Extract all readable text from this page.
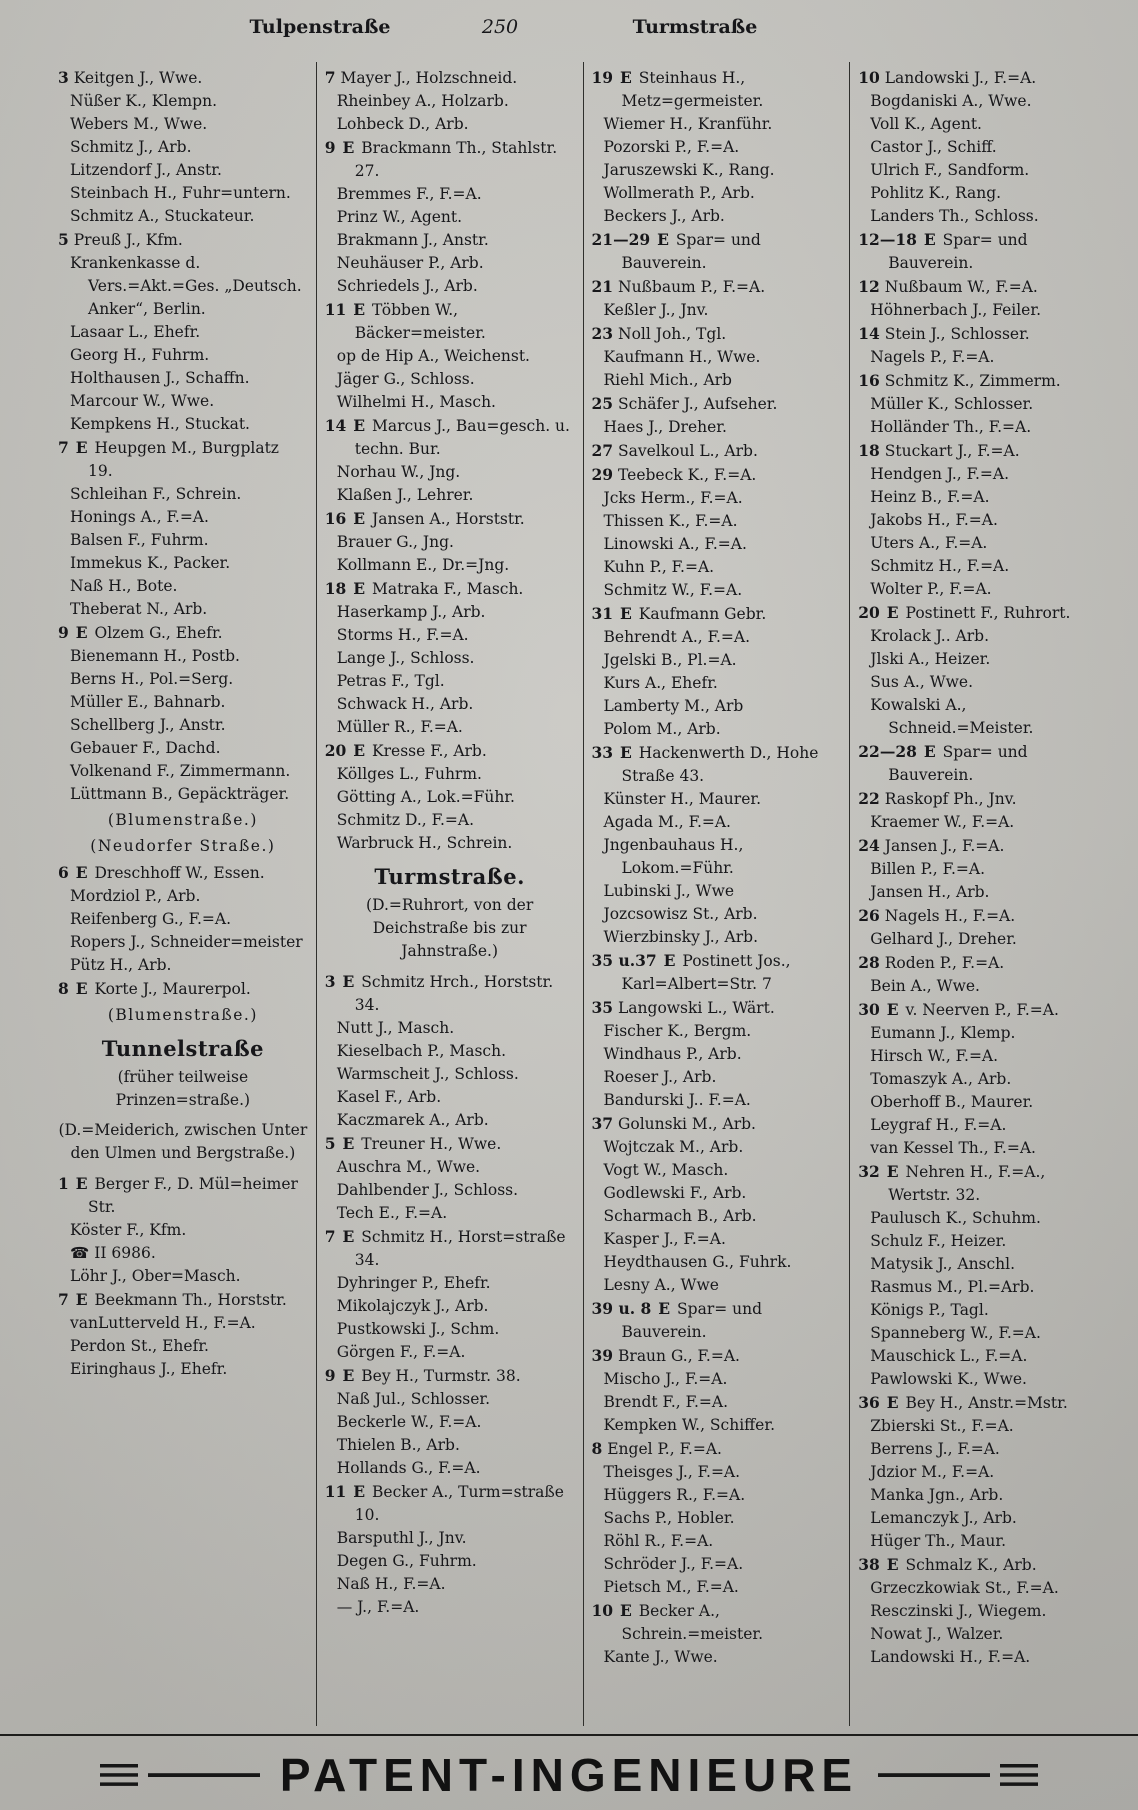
Tulpenstraße	250	Turmstraße
3 Keitgen J., Wwe.
Nüßer K., Klempn.
Webers M., Wwe.
Schmitz J., Arb.
Litzendorf J., Anstr.
Steinbach H., Fuhr=untern.
Schmitz A., Stuckateur.
5 Preuß J., Kfm.
Krankenkasse d. Vers.=Akt.=Ges. „Deutsch. Anker“, Berlin.
Lasaar L., Ehefr.
Georg H., Fuhrm.
Holthausen J., Schaffn.
Marcour W., Wwe.
Kempkens H., Stuckat.
7 E Heupgen M., Burgplatz 19.
Schleihan F., Schrein.
Honings A., F.=A.
Balsen F., Fuhrm.
Immekus K., Packer.
Naß H., Bote.
Theberat N., Arb.
9 E Olzem G., Ehefr.
Bienemann H., Postb.
Berns H., Pol.=Serg.
Müller E., Bahnarb.
Schellberg J., Anstr.
Gebauer F., Dachd.
Volkenand F., Zimmermann.
Lüttmann B., Gepäckträger.
(Blumenstraße.)
(Neudorfer Straße.)
6 E Dreschhoff W., Essen.
Mordziol P., Arb.
Reifenberg G., F.=A.
Ropers J., Schneider=meister
Pütz H., Arb.
8 E Korte J., Maurerpol.
(Blumenstraße.)
Tunnelstraße
(früher teilweise Prinzen=straße.)
(D.=Meiderich, zwischen Unter den Ulmen und Bergstraße.)
1 E Berger F., D. Mül=heimer Str.
Köster F., Kfm.
☎ II 6986.
Löhr J., Ober=Masch.
7 E Beekmann Th., Horststr.
vanLutterveld H., F.=A.
Perdon St., Ehefr.
Eiringhaus J., Ehefr.
7 Mayer J., Holzschneid.
Rheinbey A., Holzarb.
Lohbeck D., Arb.
9 E Brackmann Th., Stahlstr. 27.
Bremmes F., F.=A.
Prinz W., Agent.
Brakmann J., Anstr.
Neuhäuser P., Arb.
Schriedels J., Arb.
11 E Többen W., Bäcker=meister.
op de Hip A., Weichenst.
Jäger G., Schloss.
Wilhelmi H., Masch.
14 E Marcus J., Bau=gesch. u. techn. Bur.
Norhau W., Jng.
Klaßen J., Lehrer.
16 E Jansen A., Horststr.
Brauer G., Jng.
Kollmann E., Dr.=Jng.
18 E Matraka F., Masch.
Haserkamp J., Arb.
Storms H., F.=A.
Lange J., Schloss.
Petras F., Tgl.
Schwack H., Arb.
Müller R., F.=A.
20 E Kresse F., Arb.
Köllges L., Fuhrm.
Götting A., Lok.=Führ.
Schmitz D., F.=A.
Warbruck H., Schrein.
Turmstraße.
(D.=Ruhrort, von der Deichstraße bis zur Jahnstraße.)
3 E Schmitz Hrch., Horststr. 34.
Nutt J., Masch.
Kieselbach P., Masch.
Warmscheit J., Schloss.
Kasel F., Arb.
Kaczmarek A., Arb.
5 E Treuner H., Wwe.
Auschra M., Wwe.
Dahlbender J., Schloss.
Tech E., F.=A.
7 E Schmitz H., Horst=straße 34.
Dyhringer P., Ehefr.
Mikolajczyk J., Arb.
Pustkowski J., Schm.
Görgen F., F.=A.
9 E Bey H., Turmstr. 38.
Naß Jul., Schlosser.
Beckerle W., F.=A.
Thielen B., Arb.
Hollands G., F.=A.
11 E Becker A., Turm=straße 10.
Barsputhl J., Jnv.
Degen G., Fuhrm.
Naß H., F.=A.
— J., F.=A.
19 E Steinhaus H., Metz=germeister.
Wiemer H., Kranführ.
Pozorski P., F.=A.
Jaruszewski K., Rang.
Wollmerath P., Arb.
Beckers J., Arb.
21—29 E Spar= und Bauverein.
21 Nußbaum P., F.=A.
Keßler J., Jnv.
23 Noll Joh., Tgl.
Kaufmann H., Wwe.
Riehl Mich., Arb
25 Schäfer J., Aufseher.
Haes J., Dreher.
27 Savelkoul L., Arb.
29 Teebeck K., F.=A.
Jcks Herm., F.=A.
Thissen K., F.=A.
Linowski A., F.=A.
Kuhn P., F.=A.
Schmitz W., F.=A.
31 E Kaufmann Gebr.
Behrendt A., F.=A.
Jgelski B., Pl.=A.
Kurs A., Ehefr.
Lamberty M., Arb
Polom M., Arb.
33 E Hackenwerth D., Hohe Straße 43.
Künster H., Maurer.
Agada M., F.=A.
Jngenbauhaus H., Lokom.=Führ.
Lubinski J., Wwe
Jozcsowisz St., Arb.
Wierzbinsky J., Arb.
35 u.37 E Postinett Jos., Karl=Albert=Str. 7
35 Langowski L., Wärt.
Fischer K., Bergm.
Windhaus P., Arb.
Roeser J., Arb.
Bandurski J.. F.=A.
37 Golunski M., Arb.
Wojtczak M., Arb.
Vogt W., Masch.
Godlewski F., Arb.
Scharmach B., Arb.
Kasper J., F.=A.
Heydthausen G., Fuhrk.
Lesny A., Wwe
39 u. 8 E Spar= und Bauverein.
39 Braun G., F.=A.
Mischo J., F.=A.
Brendt F., F.=A.
Kempken W., Schiffer.
8 Engel P., F.=A.
Theisges J., F.=A.
Hüggers R., F.=A.
Sachs P., Hobler.
Röhl R., F.=A.
Schröder J., F.=A.
Pietsch M., F.=A.
10 E Becker A., Schrein.=meister.
Kante J., Wwe.
10 Landowski J., F.=A.
Bogdaniski A., Wwe.
Voll K., Agent.
Castor J., Schiff.
Ulrich F., Sandform.
Pohlitz K., Rang.
Landers Th., Schloss.
12—18 E Spar= und Bauverein.
12 Nußbaum W., F.=A.
Höhnerbach J., Feiler.
14 Stein J., Schlosser.
Nagels P., F.=A.
16 Schmitz K., Zimmerm.
Müller K., Schlosser.
Holländer Th., F.=A.
18 Stuckart J., F.=A.
Hendgen J., F.=A.
Heinz B., F.=A.
Jakobs H., F.=A.
Uters A., F.=A.
Schmitz H., F.=A.
Wolter P., F.=A.
20 E Postinett F., Ruhrort.
Krolack J.. Arb.
Jlski A., Heizer.
Sus A., Wwe.
Kowalski A., Schneid.=Meister.
22—28 E Spar= und Bauverein.
22 Raskopf Ph., Jnv.
Kraemer W., F.=A.
24 Jansen J., F.=A.
Billen P., F.=A.
Jansen H., Arb.
26 Nagels H., F.=A.
Gelhard J., Dreher.
28 Roden P., F.=A.
Bein A., Wwe.
30 E v. Neerven P., F.=A.
Eumann J., Klemp.
Hirsch W., F.=A.
Tomaszyk A., Arb.
Oberhoff B., Maurer.
Leygraf H., F.=A.
van Kessel Th., F.=A.
32 E Nehren H., F.=A., Wertstr. 32.
Paulusch K., Schuhm.
Schulz F., Heizer.
Matysik J., Anschl.
Rasmus M., Pl.=Arb.
Königs P., Tagl.
Spanneberg W., F.=A.
Mauschick L., F.=A.
Pawlowski K., Wwe.
36 E Bey H., Anstr.=Mstr.
Zbierski St., F.=A.
Berrens J., F.=A.
Jdzior M., F.=A.
Manka Jgn., Arb.
Lemanczyk J., Arb.
Hüger Th., Maur.
38 E Schmalz K., Arb.
Grzeczkowiak St., F.=A.
Resczinski J., Wiegem.
Nowat J., Walzer.
Landowski H., F.=A.
PATENT-INGENIEURE
